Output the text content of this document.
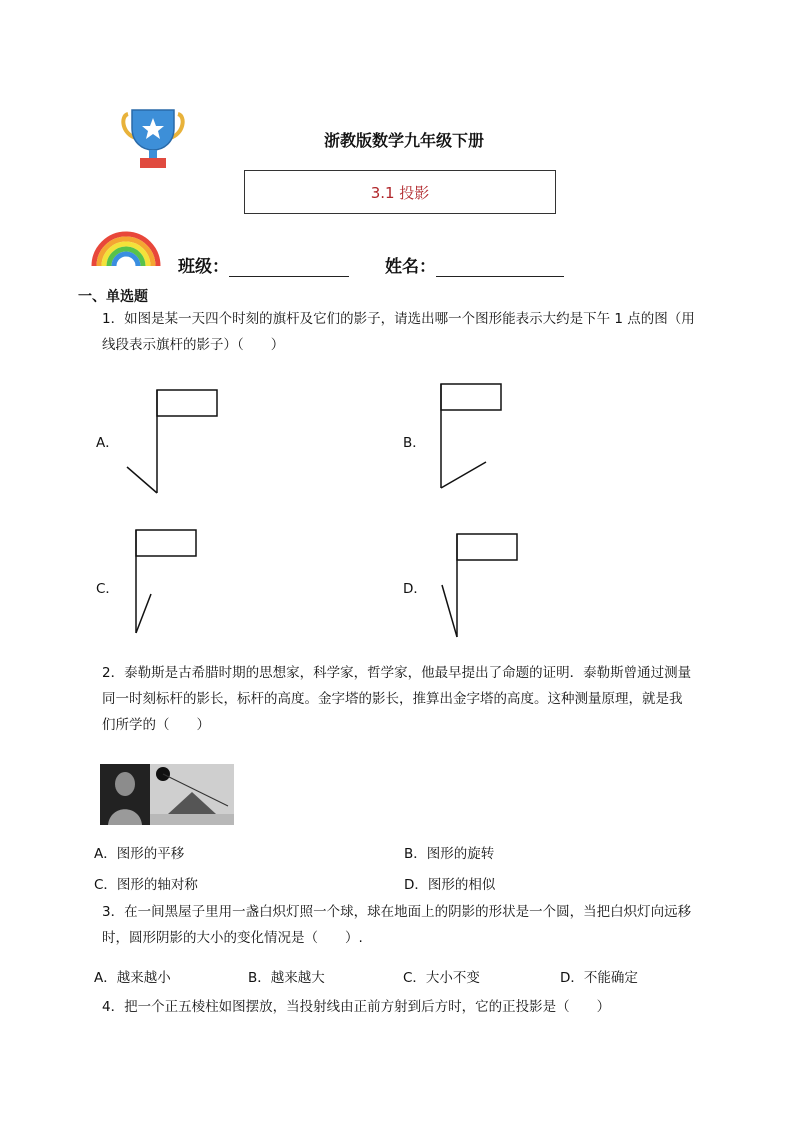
浙教版数学九年级下册
3.1 投影
班级：	姓名：
一、单选题
1．如图是某一天四个时刻的旗杆及它们的影子，请选出哪一个图形能表示大约是下午 1 点的图（用
线段表示旗杆的影子）（　　）
A．	B．
C．	D．
2．泰勒斯是古希腊时期的思想家，科学家，哲学家，他最早提出了命题的证明．泰勒斯曾通过测量
同一时刻标杆的影长，标杆的高度。金字塔的影长，推算出金字塔的高度。这种测量原理，就是我
们所学的（　　）
A．图形的平移	B．图形的旋转
C．图形的轴对称	D．图形的相似
3．在一间黑屋子里用一盏白炽灯照一个球，球在地面上的阴影的形状是一个圆，当把白炽灯向远移
时，圆形阴影的大小的变化情况是（　　）.
A．越来越小	B．越来越大	C．大小不变	D．不能确定
4．把一个正五棱柱如图摆放，当投射线由正前方射到后方时，它的正投影是（　　）
